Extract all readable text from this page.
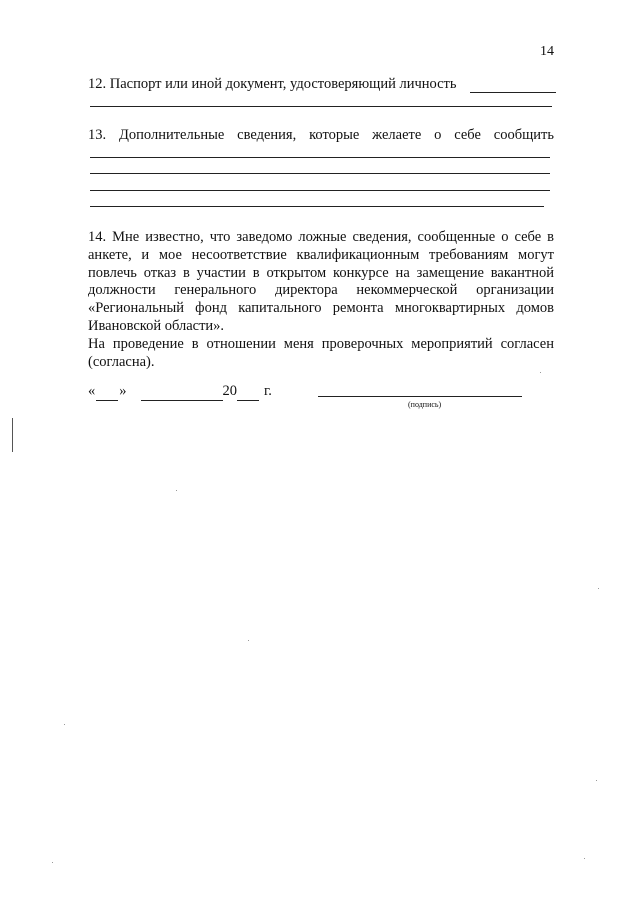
14
12. Паспорт или иной документ, удостоверяющий личность
13. Дополнительные сведения, которые желаете о себе сообщить
14. Мне известно, что заведомо ложные сведения, сообщенные о себе в
анкете, и мое несоответствие квалификационным требованиям могут
повлечь отказ в участии в открытом конкурсе на замещение вакантной
должности генерального директора некоммерческой организации
«Региональный фонд капитального ремонта многоквартирных домов
Ивановской области».
На проведение в отношении меня проверочных мероприятий согласен
(согласна).
« »	20 г.
(подпись)
